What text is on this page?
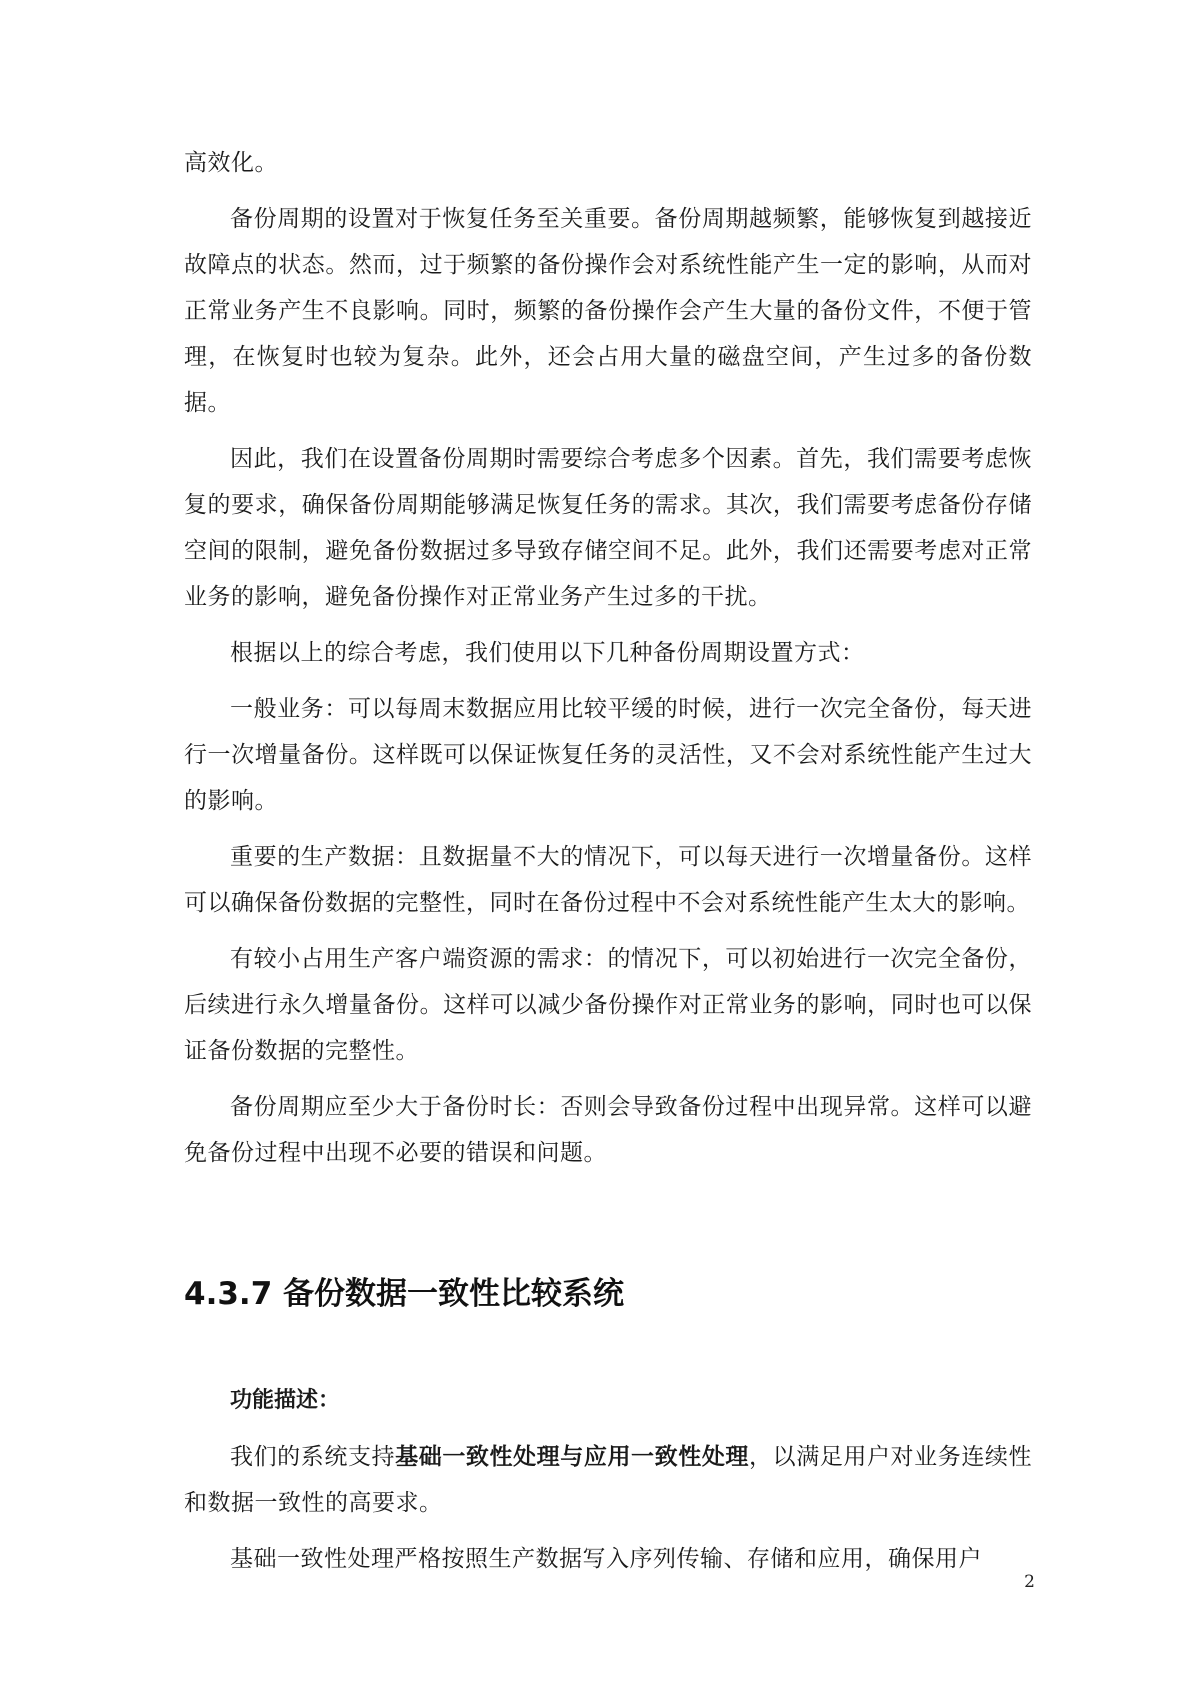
高效化。

备份周期的设置对于恢复任务至关重要。备份周期越频繁，能够恢复到越接近故障点的状态。然而，过于频繁的备份操作会对系统性能产生一定的影响，从而对正常业务产生不良影响。同时，频繁的备份操作会产生大量的备份文件，不便于管理，在恢复时也较为复杂。此外，还会占用大量的磁盘空间，产生过多的备份数据。

因此，我们在设置备份周期时需要综合考虑多个因素。首先，我们需要考虑恢复的要求，确保备份周期能够满足恢复任务的需求。其次，我们需要考虑备份存储空间的限制，避免备份数据过多导致存储空间不足。此外，我们还需要考虑对正常业务的影响，避免备份操作对正常业务产生过多的干扰。

根据以上的综合考虑，我们使用以下几种备份周期设置方式：

一般业务：可以每周末数据应用比较平缓的时候，进行一次完全备份，每天进行一次增量备份。这样既可以保证恢复任务的灵活性，又不会对系统性能产生过大的影响。

重要的生产数据：且数据量不大的情况下，可以每天进行一次增量备份。这样可以确保备份数据的完整性，同时在备份过程中不会对系统性能产生太大的影响。

有较小占用生产客户端资源的需求：的情况下，可以初始进行一次完全备份，后续进行永久增量备份。这样可以减少备份操作对正常业务的影响，同时也可以保证备份数据的完整性。

备份周期应至少大于备份时长：否则会导致备份过程中出现异常。这样可以避免备份过程中出现不必要的错误和问题。

4.3.7 备份数据一致性比较系统
功能描述：

我们的系统支持基础一致性处理与应用一致性处理，以满足用户对业务连续性和数据一致性的高要求。

基础一致性处理严格按照生产数据写入序列传输、存储和应用，确保用户

2
